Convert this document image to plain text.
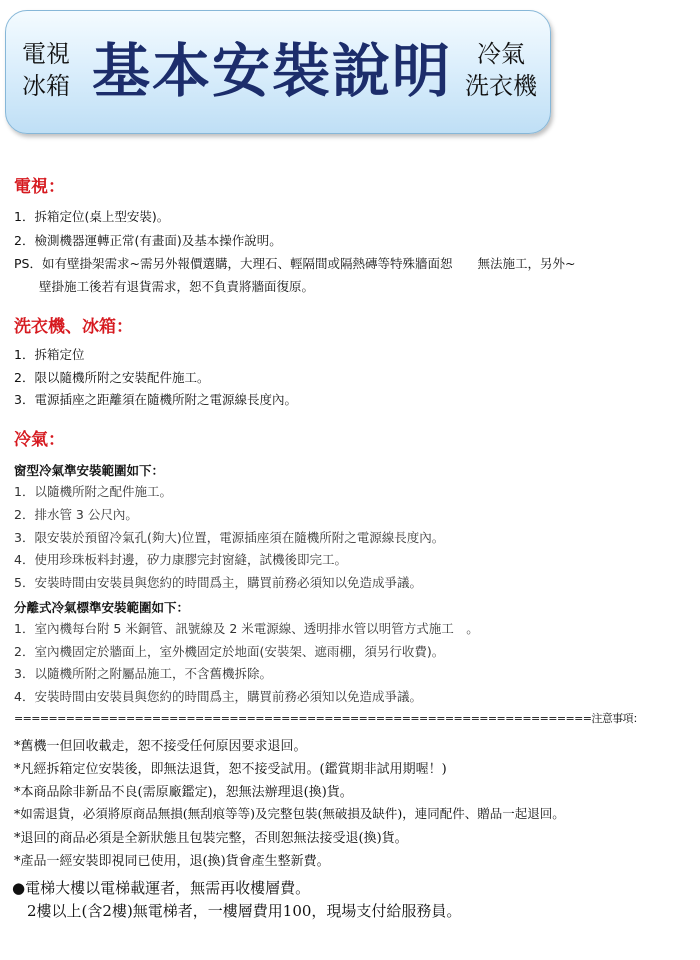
電視
冰箱 基本安裝說明	冷氣
洗衣機
電視：
1．拆箱定位(桌上型安裝)。
2．檢測機器運轉正常(有畫面)及基本操作說明。
PS．如有壁掛架需求~需另外報價選購，大理石、輕隔間或隔熱磚等特殊牆面恕　　無法施工，另外~
　　壁掛施工後若有退貨需求，恕不負責將牆面復原。
洗衣機、冰箱：
1．拆箱定位
2．限以隨機所附之安裝配件施工。
3．電源插座之距離須在隨機所附之電源線長度內。
冷氣：
窗型冷氣準安裝範圍如下：
1．以隨機所附之配件施工。
2．排水管 3 公尺內。
3．限安裝於預留冷氣孔(夠大)位置，電源插座須在隨機所附之電源線長度內。
4．使用珍珠板料封邊，矽力康膠完封窗縫，試機後即完工。
5．安裝時間由安裝員與您約的時間爲主，購買前務必須知以免造成爭議。
分離式冷氣標準安裝範圍如下：
1．室內機每台附 5 米銅管、訊號線及 2 米電源線、透明排水管以明管方式施工　。
2．室內機固定於牆面上，室外機固定於地面(安裝架、遮雨棚，須另行收費)。
3．以隨機所附之附屬品施工，不含舊機拆除。
4．安裝時間由安裝員與您約的時間爲主，購買前務必須知以免造成爭議。
===================================================================注意事項：
*舊機一但回收載走，恕不接受任何原因要求退回。
*凡經拆箱定位安裝後，即無法退貨，恕不接受試用。(鑑賞期非試用期喔！)
*本商品除非新品不良(需原廠鑑定)，恕無法辦理退(換)貨。
*如需退貨，必須將原商品無損(無刮痕等等)及完整包裝(無破損及缺件)，連同配件、贈品一起退回。
*退回的商品必須是全新狀態且包裝完整，否則恕無法接受退(換)貨。
*產品一經安裝即視同已使用，退(換)貨會產生整新費。
●電梯大樓以電梯載運者，無需再收樓層費。
　2樓以上(含2樓)無電梯者，一樓層費用100，現場支付給服務員。
